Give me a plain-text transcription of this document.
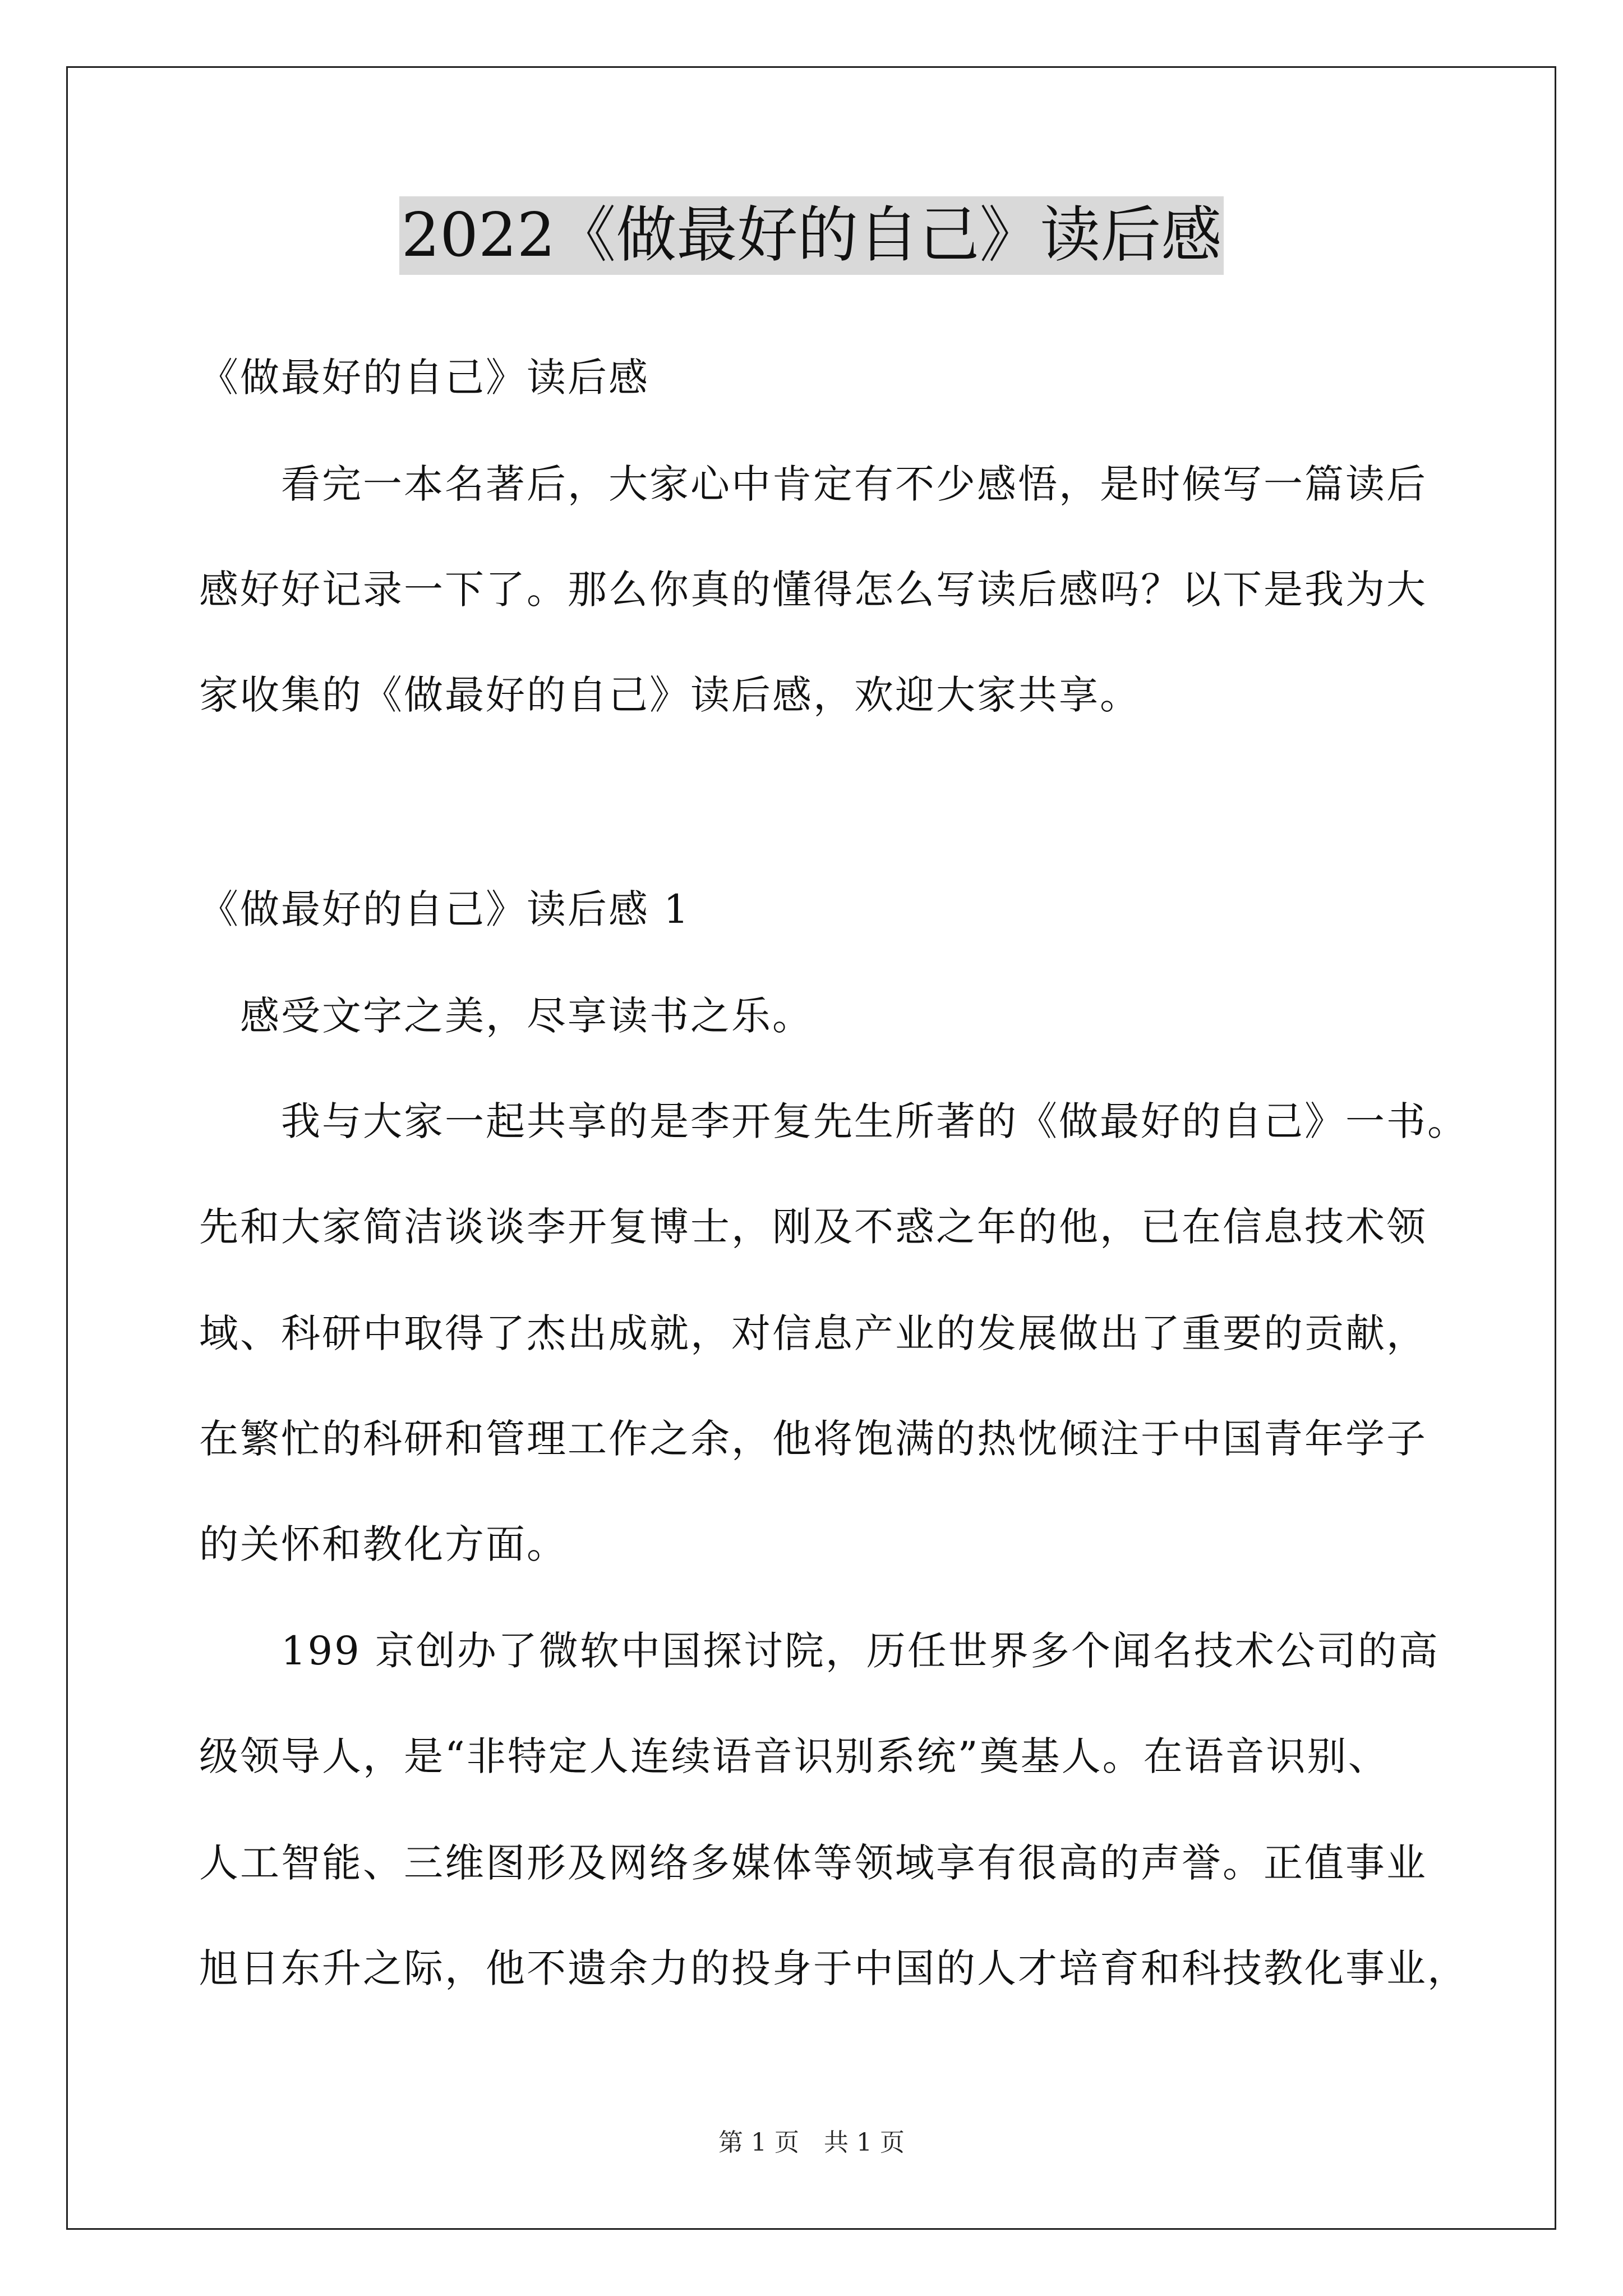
2022《做最好的自己》读后感
《做最好的自己》读后感
　　看完一本名著后，大家心中肯定有不少感悟，是时候写一篇读后
感好好记录一下了。那么你真的懂得怎么写读后感吗？以下是我为大
家收集的《做最好的自己》读后感，欢迎大家共享。
《做最好的自己》读后感 1
　感受文字之美，尽享读书之乐。
　　我与大家一起共享的是李开复先生所著的《做最好的自己》一书。
先和大家简洁谈谈李开复博士，刚及不惑之年的他，已在信息技术领
域、科研中取得了杰出成就，对信息产业的发展做出了重要的贡献，
在繁忙的科研和管理工作之余，他将饱满的热忱倾注于中国青年学子
的关怀和教化方面。
　　199 京创办了微软中国探讨院，历任世界多个闻名技术公司的高
级领导人，是“非特定人连续语音识别系统”奠基人。在语音识别、
人工智能、三维图形及网络多媒体等领域享有很高的声誉。正值事业
旭日东升之际，他不遗余力的投身于中国的人才培育和科技教化事业，
第 1 页　共 1 页
